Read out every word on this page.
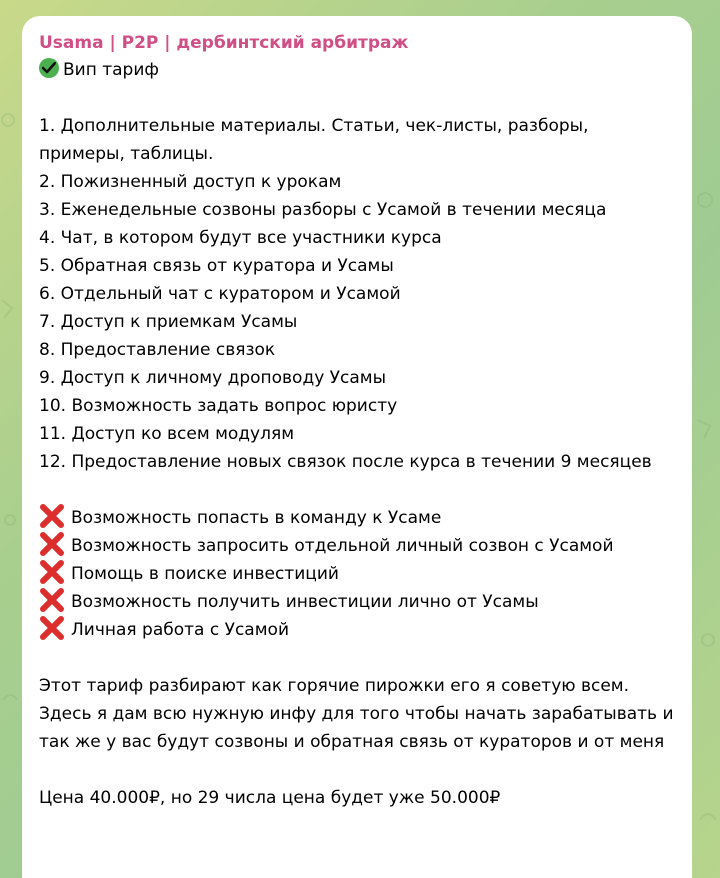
Usama | P2P | дербинтский арбитраж
Вип тариф
1. Дополнительные материалы. Статьи, чек-листы, разборы, примеры, таблицы.
2. Пожизненный доступ к урокам
3. Еженедельные созвоны разборы с Усамой в течении месяца
4. Чат, в котором будут все участники курса
5. Обратная связь от куратора и Усамы
6. Отдельный чат с куратором и Усамой
7. Доступ к приемкам Усамы
8. Предоставление связок
9. Доступ к личному дроповоду Усамы
10. Возможность задать вопрос юристу
11. Доступ ко всем модулям
12. Предоставление новых связок после курса в течении 9 месяцев
Возможность попасть в команду к Усаме
Возможность запросить отдельной личный созвон с Усамой
Помощь в поиске инвестиций
Возможность получить инвестиции лично от Усамы
Личная работа с Усамой
Этот тариф разбирают как горячие пирожки его я советую всем. Здесь я дам всю нужную инфу для того чтобы начать зарабатывать и так же у вас будут созвоны и обратная связь от кураторов и от меня
Цена 40.000₽, но 29 числа цена будет уже 50.000₽
